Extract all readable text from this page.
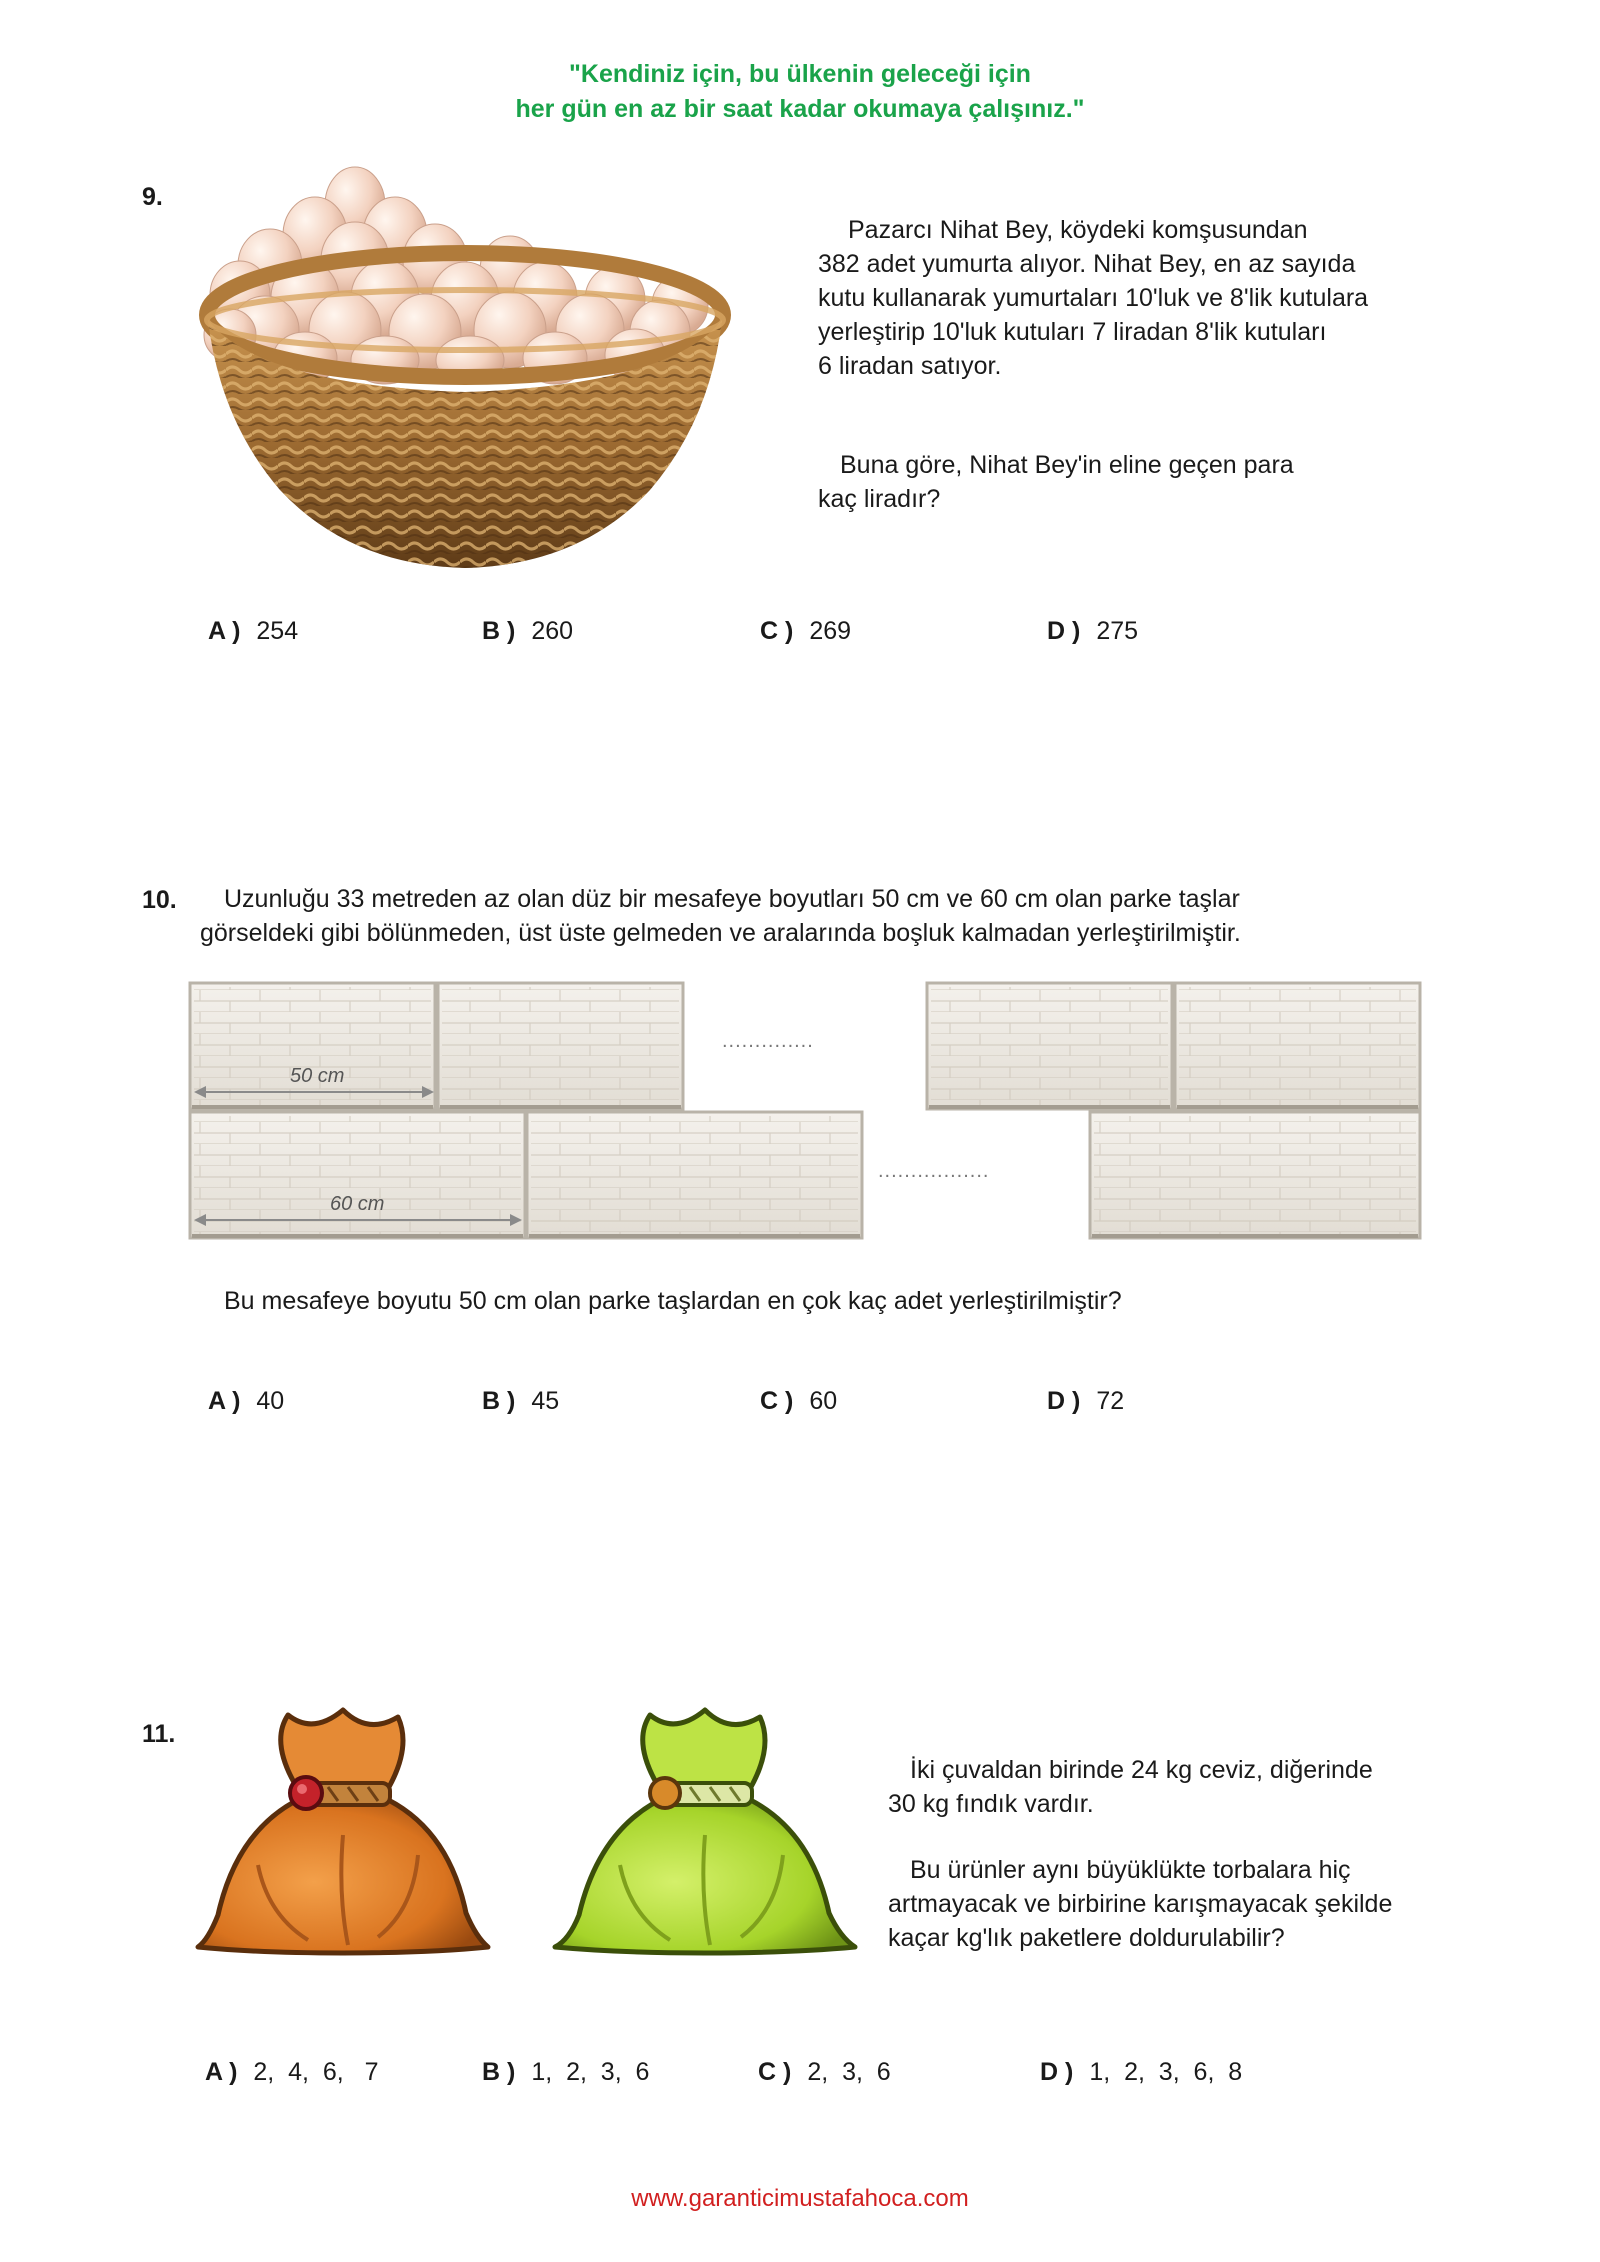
"Kendiniz için, bu ülkenin geleceği için
her gün en az bir saat kadar okumaya çalışınız."
9.
Pazarcı Nihat Bey, köydeki komşusundan
382 adet yumurta alıyor. Nihat Bey, en az sayıda
kutu kullanarak yumurtaları 10'luk ve 8'lik kutulara
yerleştirip 10'luk kutuları 7 liradan 8'lik kutuları
6 liradan satıyor.
Buna göre, Nihat Bey'in eline geçen para
kaç liradır?
A ) 254	B ) 260	C ) 269	D ) 275
10.	Uzunluğu 33 metreden az olan düz bir mesafeye boyutları 50 cm ve 60 cm olan parke taşlar
görseldeki gibi bölünmeden, üst üste gelmeden ve aralarında boşluk kalmadan yerleştirilmiştir.
50 cm
60 cm
..............
.................
Bu mesafeye boyutu 50 cm olan parke taşlardan en çok kaç adet yerleştirilmiştir?
A ) 40	B ) 45	C ) 60	D ) 72
11.
İki çuvaldan birinde 24 kg ceviz, diğerinde
30 kg fındık vardır.
Bu ürünler aynı büyüklükte torbalara hiç
artmayacak ve birbirine karışmayacak şekilde
kaçar kg'lık paketlere doldurulabilir?
A ) 2,  4,  6,   7	B ) 1,  2,  3,  6	C ) 2,  3,  6	D ) 1,  2,  3,  6,  8
www.garanticimustafahoca.com
